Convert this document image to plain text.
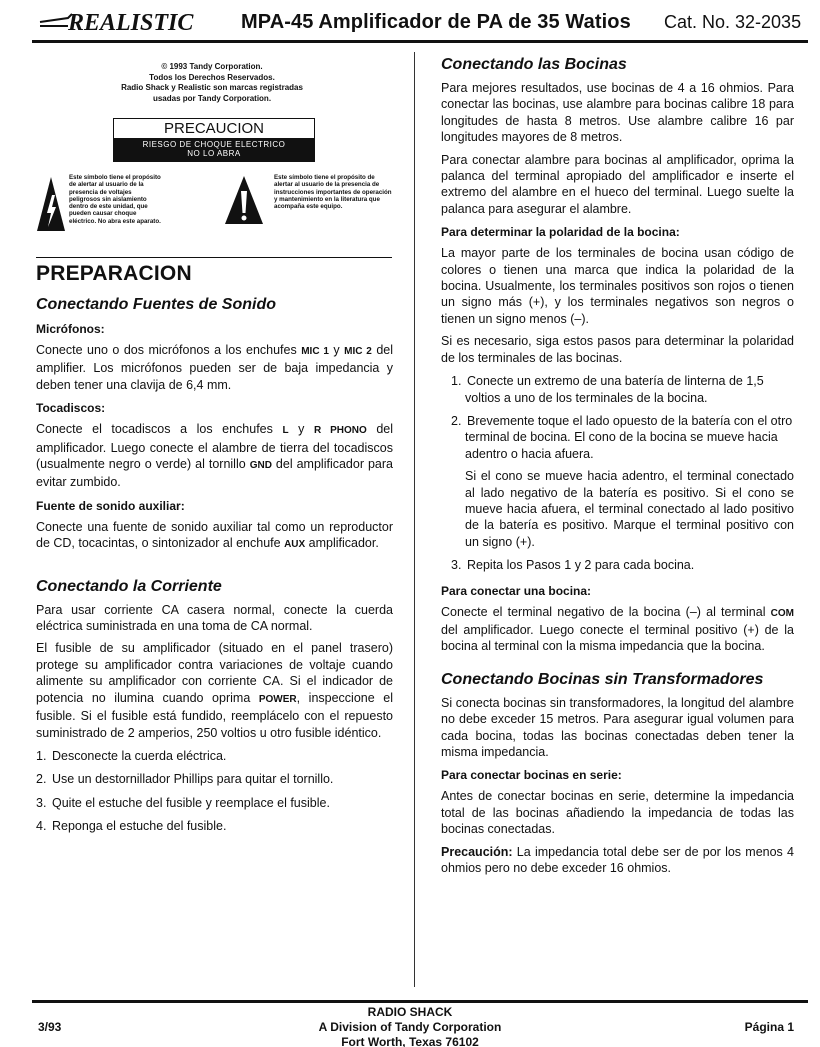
REALISTIC MPA-45 Amplificador de PA de 35 Watios Cat. No. 32-2035
© 1993 Tandy Corporation.
Todos los Derechos Reservados.
Radio Shack y Realistic son marcas registradas
usadas por Tandy Corporation.
PRECAUCION
RIESGO DE CHOQUE ELECTRICO
NO LO ABRA
Este símbolo tiene el propósito de alertar al usuario de la presencia de voltajes peligrosos sin aislamiento dentro de este unidad, que pueden causar choque eléctrico. No abra este aparato.
Este símbolo tiene el propósito de alertar al usuario de la presencia de instrucciones importantes de operación y mantenimiento en la literatura que acompaña este equipo.
PREPARACION
Conectando Fuentes de Sonido
Micrófonos:

Conecte uno o dos micrófonos a los enchufes MIC 1 y MIC 2 del amplifier. Los micrófonos pueden ser de baja impedancia y deben tener una clavija de 6,4 mm.

Tocadiscos:

Conecte el tocadiscos a los enchufes L y R PHONO del amplificador. Luego conecte el alambre de tierra del tocadiscos (usualmente negro o verde) al tornillo GND del amplificador para evitar zumbido.

Fuente de sonido auxiliar:

Conecte una fuente de sonido auxiliar tal como un reproductor de CD, tocacintas, o sintonizador al enchufe AUX amplificador.

Conectando la Corriente

Para usar corriente CA casera normal, conecte la cuerda eléctrica suministrada en una toma de CA normal.

El fusible de su amplificador (situado en el panel trasero) protege su amplificador contra variaciones de voltaje cuando alimente su amplificador con corriente CA. Si el indicador de potencia no ilumina cuando oprima POWER, inspeccione el fusible. Si el fusible está fundido, reemplácelo con el repuesto suministrado de 2 amperios, 250 voltios u otro fusible idéntico.

1. Desconecte la cuerda eléctrica.
2. Use un destornillador Phillips para quitar el tornillo.
3. Quite el estuche del fusible y reemplace el fusible.
4. Reponga el estuche del fusible.
Conectando las Bocinas

Para mejores resultados, use bocinas de 4 a 16 ohmios. Para conectar las bocinas, use alambre para bocinas calibre 18 para longitudes de hasta 8 metros. Use alambre calibre 16 par longitudes mayores de 8 metros.

Para conectar alambre para bocinas al amplificador, oprima la palanca del terminal apropiado del amplificador e inserte el extremo del alambre en el hueco del terminal. Luego suelte la palanca para asegurar el alambre.

Para determinar la polaridad de la bocina:

La mayor parte de los terminales de bocina usan código de colores o tienen una marca que indica la polaridad de la bocina. Usualmente, los terminales positivos son rojos o tienen un signo más (+), y los terminales negativos son negros o tienen un signo menos (–).

Si es necesario, siga estos pasos para determinar la polaridad de los terminales de las bocinas.

1. Conecte un extremo de una batería de linterna de 1,5 voltios a uno de los terminales de la bocina.
2. Brevemente toque el lado opuesto de la batería con el otro terminal de bocina. El cono de la bocina se mueve hacia adentro o hacia afuera.

Si el cono se mueve hacia adentro, el terminal conectado al lado negativo de la batería es positivo. Si el cono se mueve hacia afuera, el terminal conectado al lado positivo de la batería es positivo. Marque el terminal positivo con un signo (+).

3. Repita los Pasos 1 y 2 para cada bocina.
Para conectar una bocina:

Conecte el terminal negativo de la bocina (–) al terminal COM del amplificador. Luego conecte el terminal positivo (+) de la bocina al terminal con la misma impedancia que la bocina.

Conectando Bocinas sin Transformadores

Si conecta bocinas sin transformadores, la longitud del alambre no debe exceder 15 metros. Para asegurar igual volumen para cada bocina, todas las bocinas conectadas deben tener la misma impedancia.

Para conectar bocinas en serie:

Antes de conectar bocinas en serie, determine la impedancia total de las bocinas añadiendo la impedancia de todas las bocinas conectadas.

Precaución: La impedancia total debe ser de por los menos 4 ohmios pero no debe exceder 16 ohmios.

3/93
RADIO SHACK
A Division of Tandy Corporation
Fort Worth, Texas 76102
Página 1
